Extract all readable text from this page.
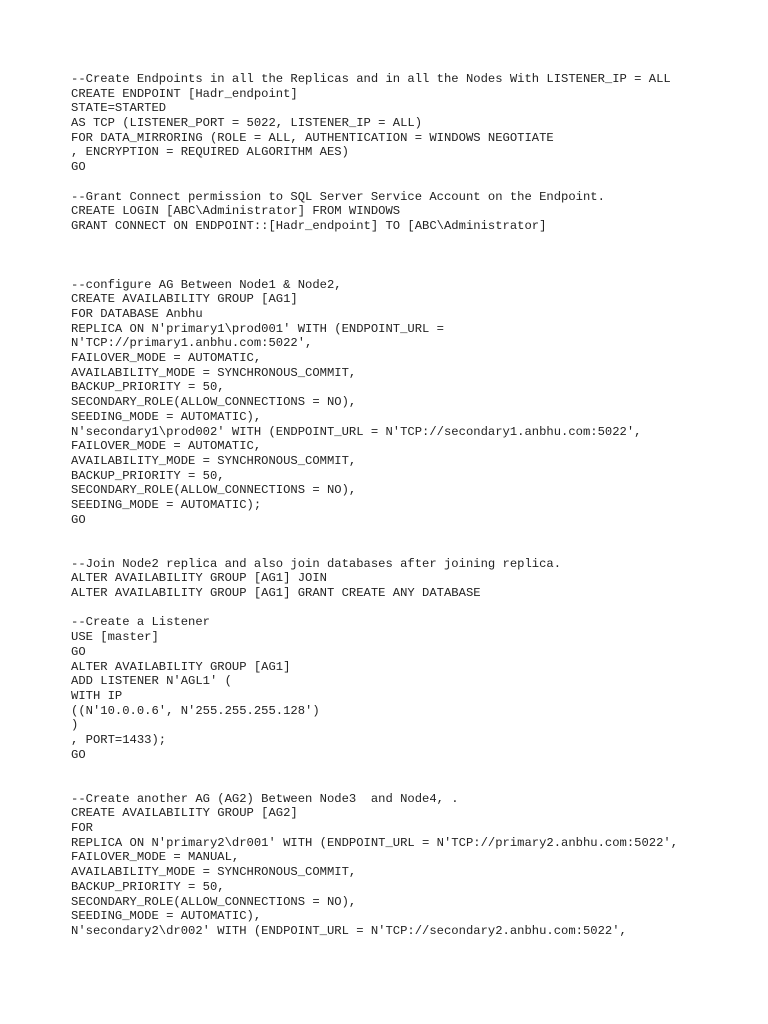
--Create Endpoints in all the Replicas and in all the Nodes With LISTENER_IP = ALL
CREATE ENDPOINT [Hadr_endpoint]
STATE=STARTED
AS TCP (LISTENER_PORT = 5022, LISTENER_IP = ALL)
FOR DATA_MIRRORING (ROLE = ALL, AUTHENTICATION = WINDOWS NEGOTIATE
, ENCRYPTION = REQUIRED ALGORITHM AES)
GO

--Grant Connect permission to SQL Server Service Account on the Endpoint.
CREATE LOGIN [ABC\Administrator] FROM WINDOWS
GRANT CONNECT ON ENDPOINT::[Hadr_endpoint] TO [ABC\Administrator]

--configure AG Between Node1 & Node2,
CREATE AVAILABILITY GROUP [AG1]
FOR DATABASE Anbhu
REPLICA ON N'primary1\prod001' WITH (ENDPOINT_URL =
N'TCP://primary1.anbhu.com:5022',
FAILOVER_MODE = AUTOMATIC,
AVAILABILITY_MODE = SYNCHRONOUS_COMMIT,
BACKUP_PRIORITY = 50,
SECONDARY_ROLE(ALLOW_CONNECTIONS = NO),
SEEDING_MODE = AUTOMATIC),
N'secondary1\prod002' WITH (ENDPOINT_URL = N'TCP://secondary1.anbhu.com:5022',
FAILOVER_MODE = AUTOMATIC,
AVAILABILITY_MODE = SYNCHRONOUS_COMMIT,
BACKUP_PRIORITY = 50,
SECONDARY_ROLE(ALLOW_CONNECTIONS = NO),
SEEDING_MODE = AUTOMATIC);
GO

--Join Node2 replica and also join databases after joining replica.
ALTER AVAILABILITY GROUP [AG1] JOIN
ALTER AVAILABILITY GROUP [AG1] GRANT CREATE ANY DATABASE

--Create a Listener
USE [master]
GO
ALTER AVAILABILITY GROUP [AG1]
ADD LISTENER N'AGL1' (
WITH IP
((N'10.0.0.6', N'255.255.255.128')
)
, PORT=1433);
GO

--Create another AG (AG2) Between Node3  and Node4, .
CREATE AVAILABILITY GROUP [AG2]
FOR
REPLICA ON N'primary2\dr001' WITH (ENDPOINT_URL = N'TCP://primary2.anbhu.com:5022',
FAILOVER_MODE = MANUAL,
AVAILABILITY_MODE = SYNCHRONOUS_COMMIT,
BACKUP_PRIORITY = 50,
SECONDARY_ROLE(ALLOW_CONNECTIONS = NO),
SEEDING_MODE = AUTOMATIC),
N'secondary2\dr002' WITH (ENDPOINT_URL = N'TCP://secondary2.anbhu.com:5022',
